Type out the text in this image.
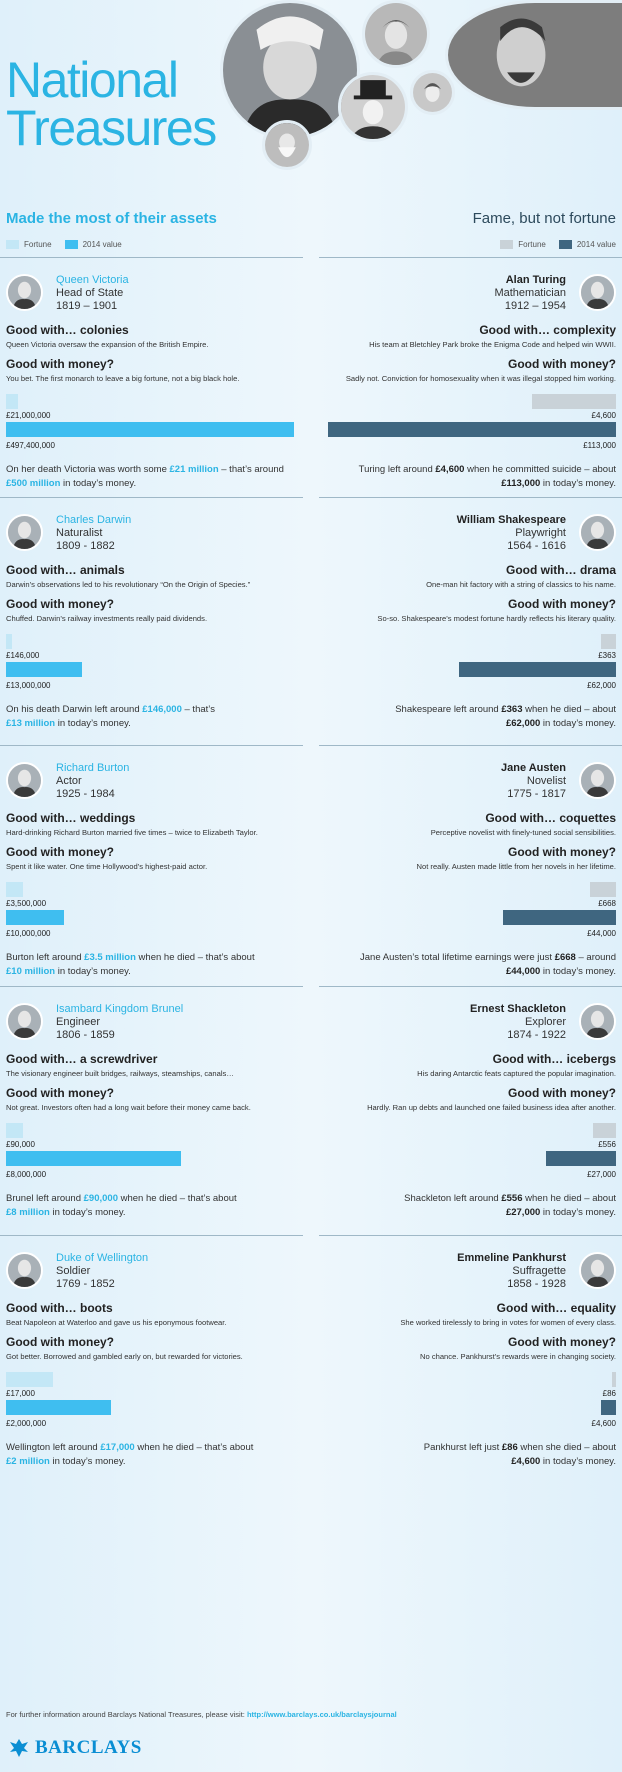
National
Treasures
Made the most of their assets	Fame, but not fortune
Fortune	2014 value	Fortune	2014 value
Queen Victoria
Head of State
1819 – 1901
Good with… colonies
Queen Victoria oversaw the expansion of the British Empire.
Good with money?
You bet. The first monarch to leave a big fortune, not a big black hole.
£21,000,000
£497,400,000
On her death Victoria was worth some £21 million – that’s around
£500 million in today’s money.
Alan Turing
Mathematician
1912 – 1954
Good with… complexity
His team at Bletchley Park broke the Enigma Code and helped win WWII.
Good with money?
Sadly not. Conviction for homosexuality when it was illegal stopped him working.
£4,600
£113,000
Turing left around £4,600 when he committed suicide – about
£113,000 in today’s money.
Charles Darwin
Naturalist
1809 - 1882
Good with… animals
Darwin’s observations led to his revolutionary “On the Origin of Species.”
Good with money?
Chuffed. Darwin’s railway investments really paid dividends.
£146,000
£13,000,000
On his death Darwin left around £146,000 – that’s
£13 million in today’s money.
William Shakespeare
Playwright
1564 - 1616
Good with… drama
One-man hit factory with a string of classics to his name.
Good with money?
So-so. Shakespeare’s modest fortune hardly reflects his literary quality.
£363
£62,000
Shakespeare left around £363 when he died – about
£62,000 in today’s money.
Richard Burton
Actor
1925 - 1984
Good with… weddings
Hard-drinking Richard Burton married five times – twice to Elizabeth Taylor.
Good with money?
Spent it like water. One time Hollywood’s highest-paid actor.
£3,500,000
£10,000,000
Burton left around £3.5 million when he died – that’s about
£10 million in today’s money.
Jane Austen
Novelist
1775 - 1817
Good with… coquettes
Perceptive novelist with finely-tuned social sensibilities.
Good with money?
Not really. Austen made little from her novels in her lifetime.
£668
£44,000
Jane Austen’s total lifetime earnings were just £668 – around
£44,000 in today’s money.
Isambard Kingdom Brunel
Engineer
1806 - 1859
Good with… a screwdriver
The visionary engineer built bridges, railways, steamships, canals…
Good with money?
Not great. Investors often had a long wait before their money came back.
£90,000
£8,000,000
Brunel left around £90,000 when he died – that’s about
£8 million in today’s money.
Ernest Shackleton
Explorer
1874 - 1922
Good with… icebergs
His daring Antarctic feats captured the popular imagination.
Good with money?
Hardly. Ran up debts and launched one failed business idea after another.
£556
£27,000
Shackleton left around £556 when he died – about
£27,000 in today’s money.
Duke of Wellington
Soldier
1769 - 1852
Good with… boots
Beat Napoleon at Waterloo and gave us his eponymous footwear.
Good with money?
Got better. Borrowed and gambled early on, but rewarded for victories.
£17,000
£2,000,000
Wellington left around £17,000 when he died – that’s about
£2 million in today’s money.
Emmeline Pankhurst
Suffragette
1858 - 1928
Good with… equality
She worked tirelessly to bring in votes for women of every class.
Good with money?
No chance. Pankhurst’s rewards were in changing society.
£86
£4,600
Pankhurst left just £86 when she died – about
£4,600 in today’s money.
For further information around Barclays National Treasures, please visit: http://www.barclays.co.uk/barclaysjournal
BARCLAYS
